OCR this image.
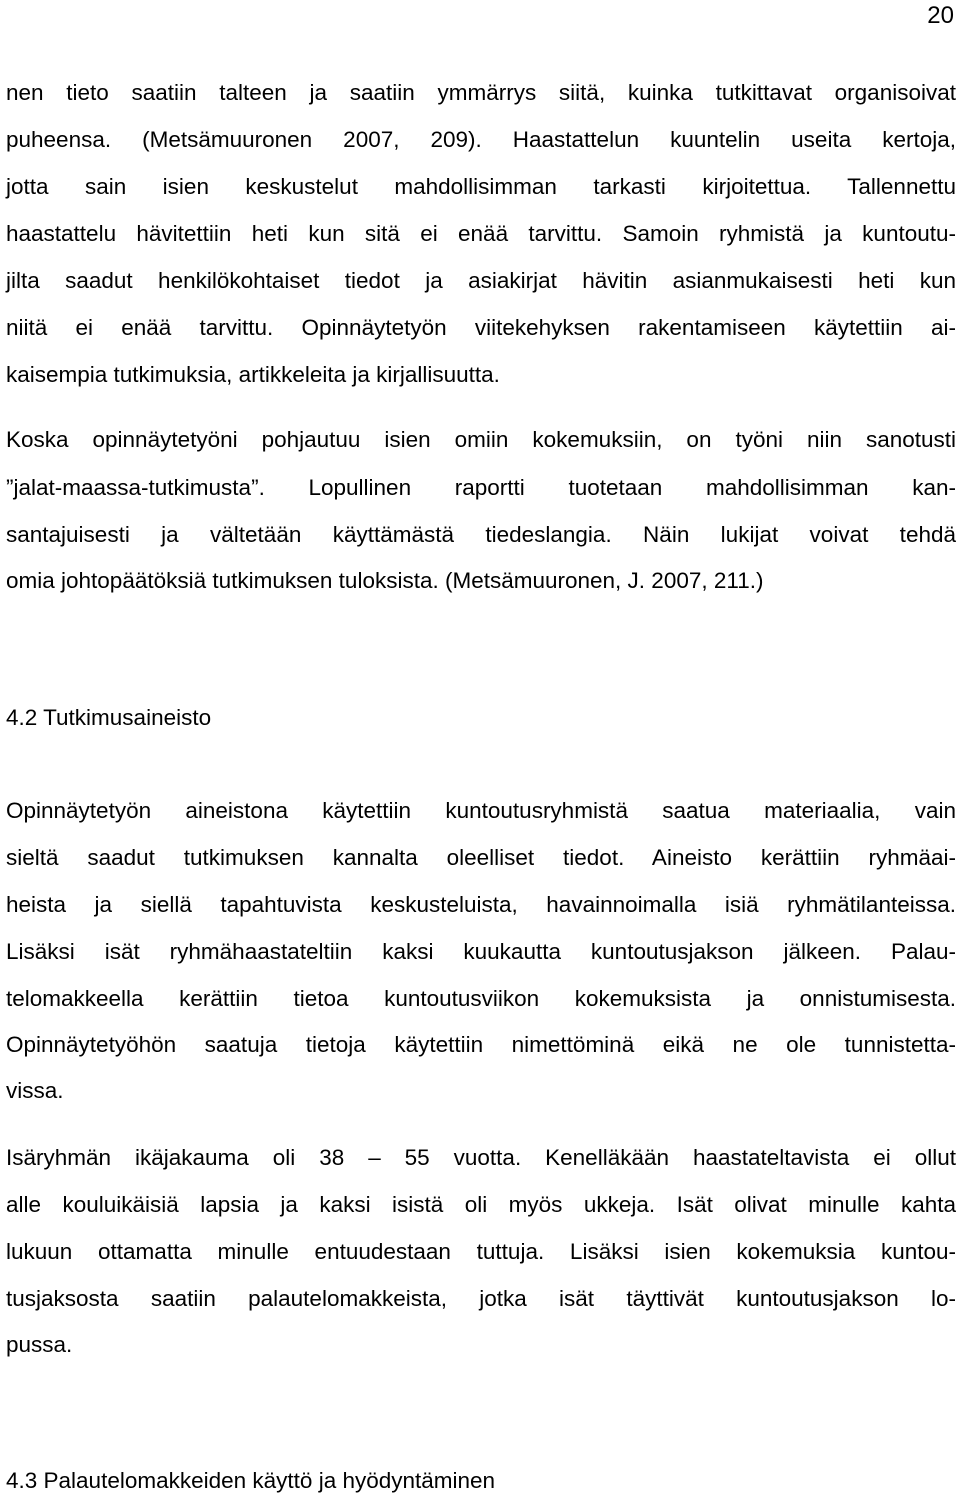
20
nen tieto saatiin talteen ja saatiin ymmärrys siitä, kuinka tutkittavat organisoivat
puheensa. (Metsämuuronen 2007, 209). Haastattelun kuuntelin useita kertoja,
jotta sain isien keskustelut mahdollisimman tarkasti kirjoitettua. Tallennettu
haastattelu hävitettiin heti kun sitä ei enää tarvittu. Samoin ryhmistä ja kuntoutu-
jilta saadut henkilökohtaiset tiedot ja asiakirjat hävitin asianmukaisesti heti kun
niitä ei enää tarvittu. Opinnäytetyön viitekehyksen rakentamiseen käytettiin ai-
kaisempia tutkimuksia, artikkeleita ja kirjallisuutta.
Koska opinnäytetyöni pohjautuu isien omiin kokemuksiin, on työni niin sanotusti
”jalat-maassa-tutkimusta”. Lopullinen raportti tuotetaan mahdollisimman kan-
santajuisesti ja vältetään käyttämästä tiedeslangia. Näin lukijat voivat tehdä
omia johtopäätöksiä tutkimuksen tuloksista. (Metsämuuronen, J. 2007, 211.)
4.2 Tutkimusaineisto
Opinnäytetyön aineistona käytettiin kuntoutusryhmistä saatua materiaalia, vain
sieltä saadut tutkimuksen kannalta oleelliset tiedot. Aineisto kerättiin ryhmäai-
heista ja siellä tapahtuvista keskusteluista, havainnoimalla isiä ryhmätilanteissa.
Lisäksi isät ryhmähaastateltiin kaksi kuukautta kuntoutusjakson jälkeen. Palau-
telomakkeella kerättiin tietoa kuntoutusviikon kokemuksista ja onnistumisesta.
Opinnäytetyöhön saatuja tietoja käytettiin nimettöminä eikä ne ole tunnistetta-
vissa.
Isäryhmän ikäjakauma oli 38 – 55 vuotta. Kenelläkään haastateltavista ei ollut
alle kouluikäisiä lapsia ja kaksi isistä oli myös ukkeja. Isät olivat minulle kahta
lukuun ottamatta minulle entuudestaan tuttuja. Lisäksi isien kokemuksia kuntou-
tusjaksosta saatiin palautelomakkeista, jotka isät täyttivät kuntoutusjakson lo-
pussa.
4.3 Palautelomakkeiden käyttö ja hyödyntäminen
